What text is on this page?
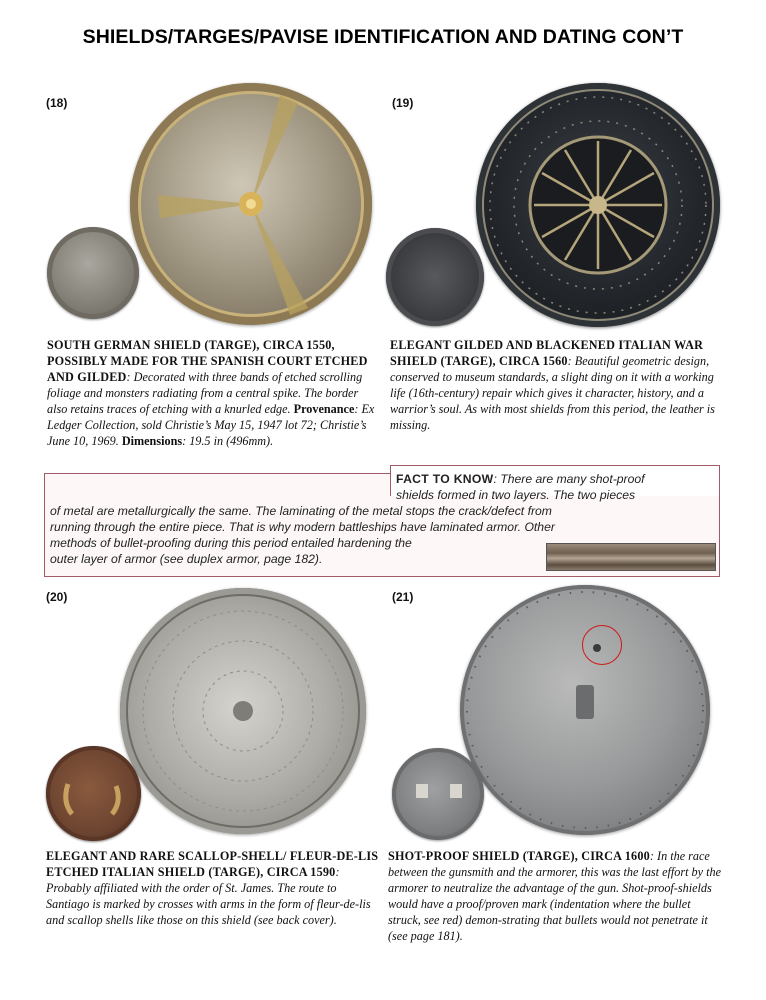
SHIELDS/TARGES/PAVISE IDENTIFICATION AND DATING CON’T
(18)
SOUTH GERMAN SHIELD (TARGE), CIRCA 1550, POSSIBLY MADE FOR THE SPANISH COURT ETCHED AND GILDED: Decorated with three bands of etched scrolling foliage and monsters radiating from a central spike. The border also retains traces of etching with a knurled edge. Provenance: Ex Ledger Collection, sold Christie’s May 15, 1947 lot 72; Christie’s June 10, 1969. Dimensions: 19.5 in (496mm).
(19)
ELEGANT GILDED AND BLACKENED ITALIAN WAR SHIELD (TARGE), CIRCA 1560: Beautiful geometric design, conserved to museum standards, a slight ding on it with a working life (16th-century) repair which gives it character, history, and a warrior’s soul. As with most shields from this period, the leather is missing.
FACT TO KNOW: There are many shot-proof
shields formed in two layers. The two pieces
of metal are metallurgically the same. The laminating of the metal stops the crack/defect from
running through the entire piece. That is why modern battleships have laminated armor. Other
methods of bullet-proofing during this period entailed hardening the
outer layer of armor (see duplex armor, page 182).
(20)
ELEGANT AND RARE SCALLOP-SHELL/ FLEUR-DE-LIS ETCHED ITALIAN SHIELD (TARGE), CIRCA 1590: Probably affiliated with the order of St. James. The route to Santiago is marked by crosses with arms in the form of fleur-de-lis and scallop shells like those on this shield (see back cover).
(21)
SHOT-PROOF SHIELD (TARGE), CIRCA 1600: In the race between the gunsmith and the armorer, this was the last effort by the armorer to neutralize the advantage of the gun. Shot-proof-shields would have a proof/proven mark (indentation where the bullet struck, see red) demon-strating that bullets would not penetrate it (see page 181).
